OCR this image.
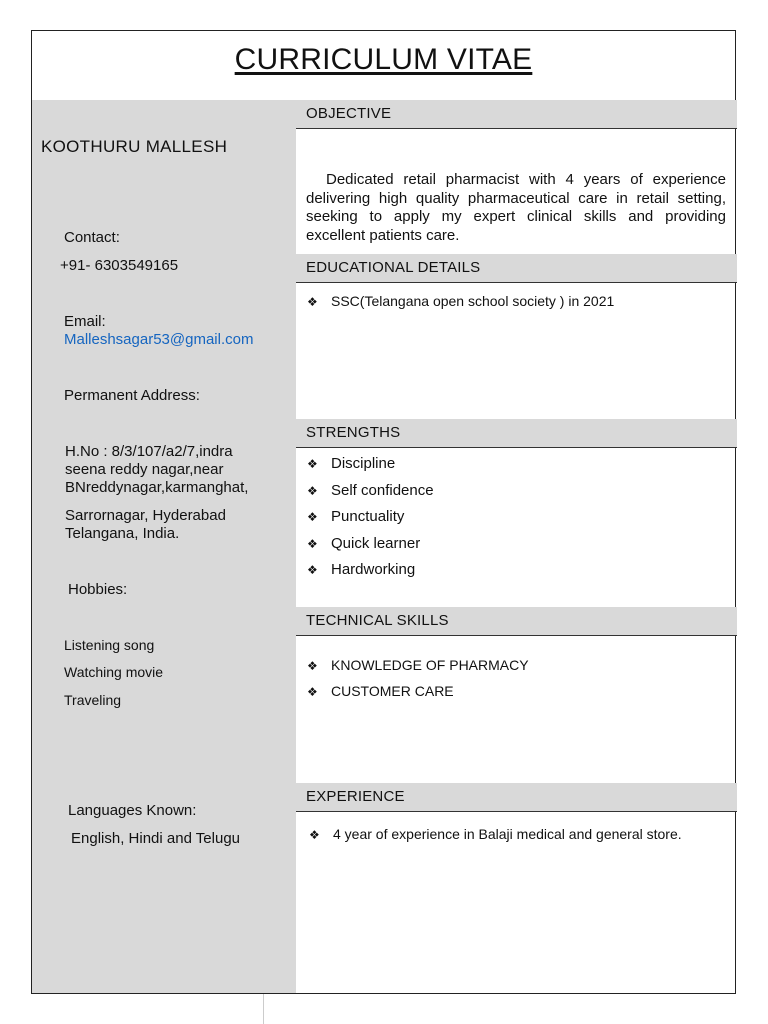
CURRICULUM VITAE
KOOTHURU MALLESH
Contact:
+91- 6303549165
Email:
Malleshsagar53@gmail.com
Permanent Address:
H.No : 8/3/107/a2/7,indra
seena reddy nagar,near
BNreddynagar,karmanghat,
Sarrornagar, Hyderabad
Telangana, India.
Hobbies:
Listening song
Watching movie
Traveling
Languages Known:
English, Hindi and Telugu
OBJECTIVE
Dedicated retail pharmacist with 4 years of experience delivering high quality pharmaceutical care in retail setting, seeking to apply my expert clinical skills and providing excellent patients care.
EDUCATIONAL DETAILS
❖ SSC(Telangana open school society ) in 2021
STRENGTHS
❖ Discipline
❖ Self confidence
❖ Punctuality
❖ Quick learner
❖ Hardworking
TECHNICAL SKILLS
❖ KNOWLEDGE OF PHARMACY
❖ CUSTOMER CARE
EXPERIENCE
❖ 4 year of experience in Balaji medical and general store.
